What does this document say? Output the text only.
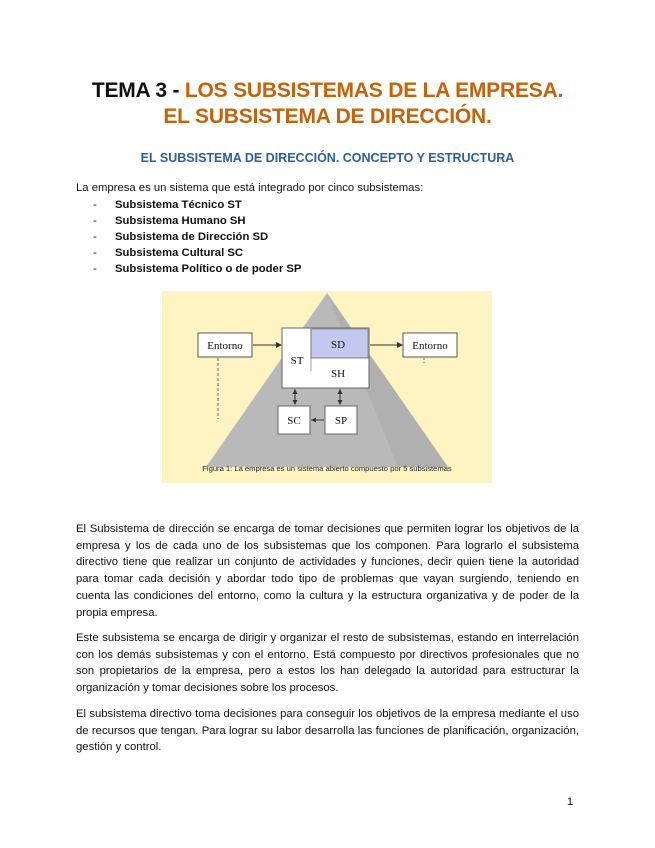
TEMA 3 - LOS SUBSISTEMAS DE LA EMPRESA.
EL SUBSISTEMA DE DIRECCIÓN.
EL SUBSISTEMA DE DIRECCIÓN. CONCEPTO Y ESTRUCTURA
La empresa es un sistema que está integrado por cinco subsistemas:
- Subsistema Técnico ST
- Subsistema Humano SH
- Subsistema de Dirección SD
- Subsistema Cultural SC
- Subsistema Político o de poder SP
Entorno
ST
SD
SH
Entorno
SC	SP
Figura 1: La empresa es un sistema abierto compuesto por 5 subsistemas

El Subsistema de dirección se encarga de tomar decisiones que permiten lograr los objetivos de la empresa y los de cada uno de los subsistemas que los componen. Para lograrlo el subsistema directivo tiene que realizar un conjunto de actividades y funciones, decir quien tiene la autoridad para tomar cada decisión y abordar todo tipo de problemas que vayan surgiendo, teniendo en cuenta las condiciones del entorno, como la cultura y la estructura organizativa y de poder de la propia empresa.

Este subsistema se encarga de dirigir y organizar el resto de subsistemas, estando en interrelación con los demás subsistemas y con el entorno. Está compuesto por directivos profesionales que no son propietarios de la empresa, pero a estos los han delegado la autoridad para estructurar la organización y tomar decisiones sobre los procesos.

El subsistema directivo toma decisiones para conseguir los objetivos de la empresa mediante el uso de recursos que tengan. Para lograr su labor desarrolla las funciones de planificación, organización, gestión y control.

1
